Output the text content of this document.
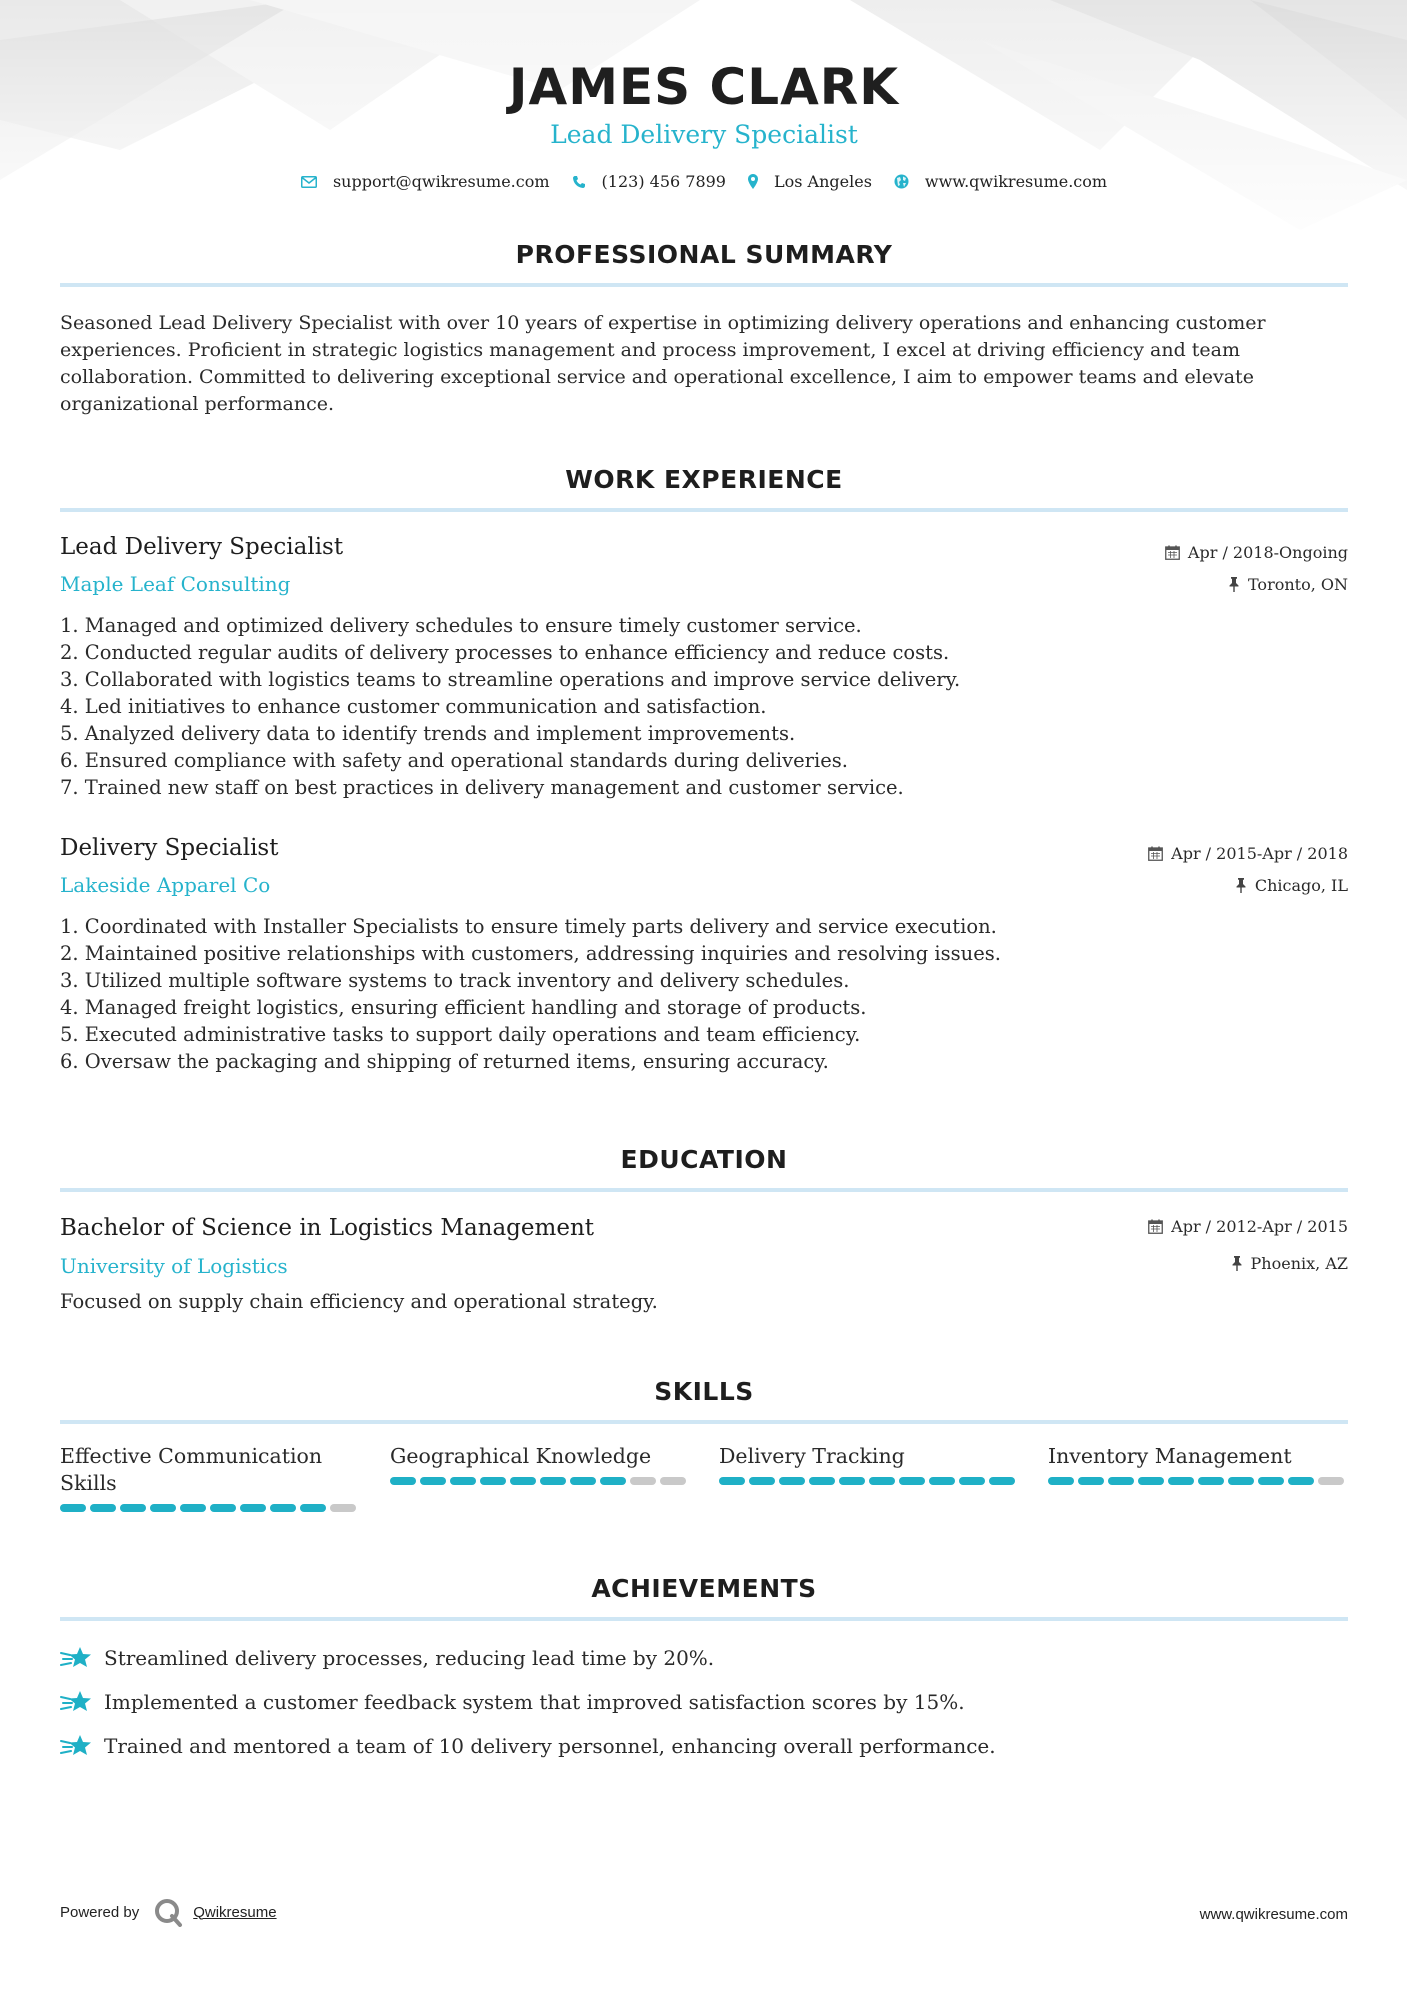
JAMES CLARK
Lead Delivery Specialist
support@qwikresume.com	(123) 456 7899	Los Angeles	www.qwikresume.com
PROFESSIONAL SUMMARY
Seasoned Lead Delivery Specialist with over 10 years of expertise in optimizing delivery operations and enhancing customer experiences. Proficient in strategic logistics management and process improvement, I excel at driving efficiency and team collaboration. Committed to delivering exceptional service and operational excellence, I aim to empower teams and elevate organizational performance.
WORK EXPERIENCE
Lead Delivery Specialist
Maple Leaf Consulting
Apr / 2018-Ongoing
Toronto, ON
1. Managed and optimized delivery schedules to ensure timely customer service.
2. Conducted regular audits of delivery processes to enhance efficiency and reduce costs.
3. Collaborated with logistics teams to streamline operations and improve service delivery.
4. Led initiatives to enhance customer communication and satisfaction.
5. Analyzed delivery data to identify trends and implement improvements.
6. Ensured compliance with safety and operational standards during deliveries.
7. Trained new staff on best practices in delivery management and customer service.
Delivery Specialist
Lakeside Apparel Co
Apr / 2015-Apr / 2018
Chicago, IL
1. Coordinated with Installer Specialists to ensure timely parts delivery and service execution.
2. Maintained positive relationships with customers, addressing inquiries and resolving issues.
3. Utilized multiple software systems to track inventory and delivery schedules.
4. Managed freight logistics, ensuring efficient handling and storage of products.
5. Executed administrative tasks to support daily operations and team efficiency.
6. Oversaw the packaging and shipping of returned items, ensuring accuracy.
EDUCATION
Bachelor of Science in Logistics Management
University of Logistics
Apr / 2012-Apr / 2015
Phoenix, AZ
Focused on supply chain efficiency and operational strategy.
SKILLS
Effective Communication Skills
Geographical Knowledge	Delivery Tracking	Inventory Management
ACHIEVEMENTS
Streamlined delivery processes, reducing lead time by 20%.
Implemented a customer feedback system that improved satisfaction scores by 15%.
Trained and mentored a team of 10 delivery personnel, enhancing overall performance.
Powered by	Qwikresume	www.qwikresume.com
